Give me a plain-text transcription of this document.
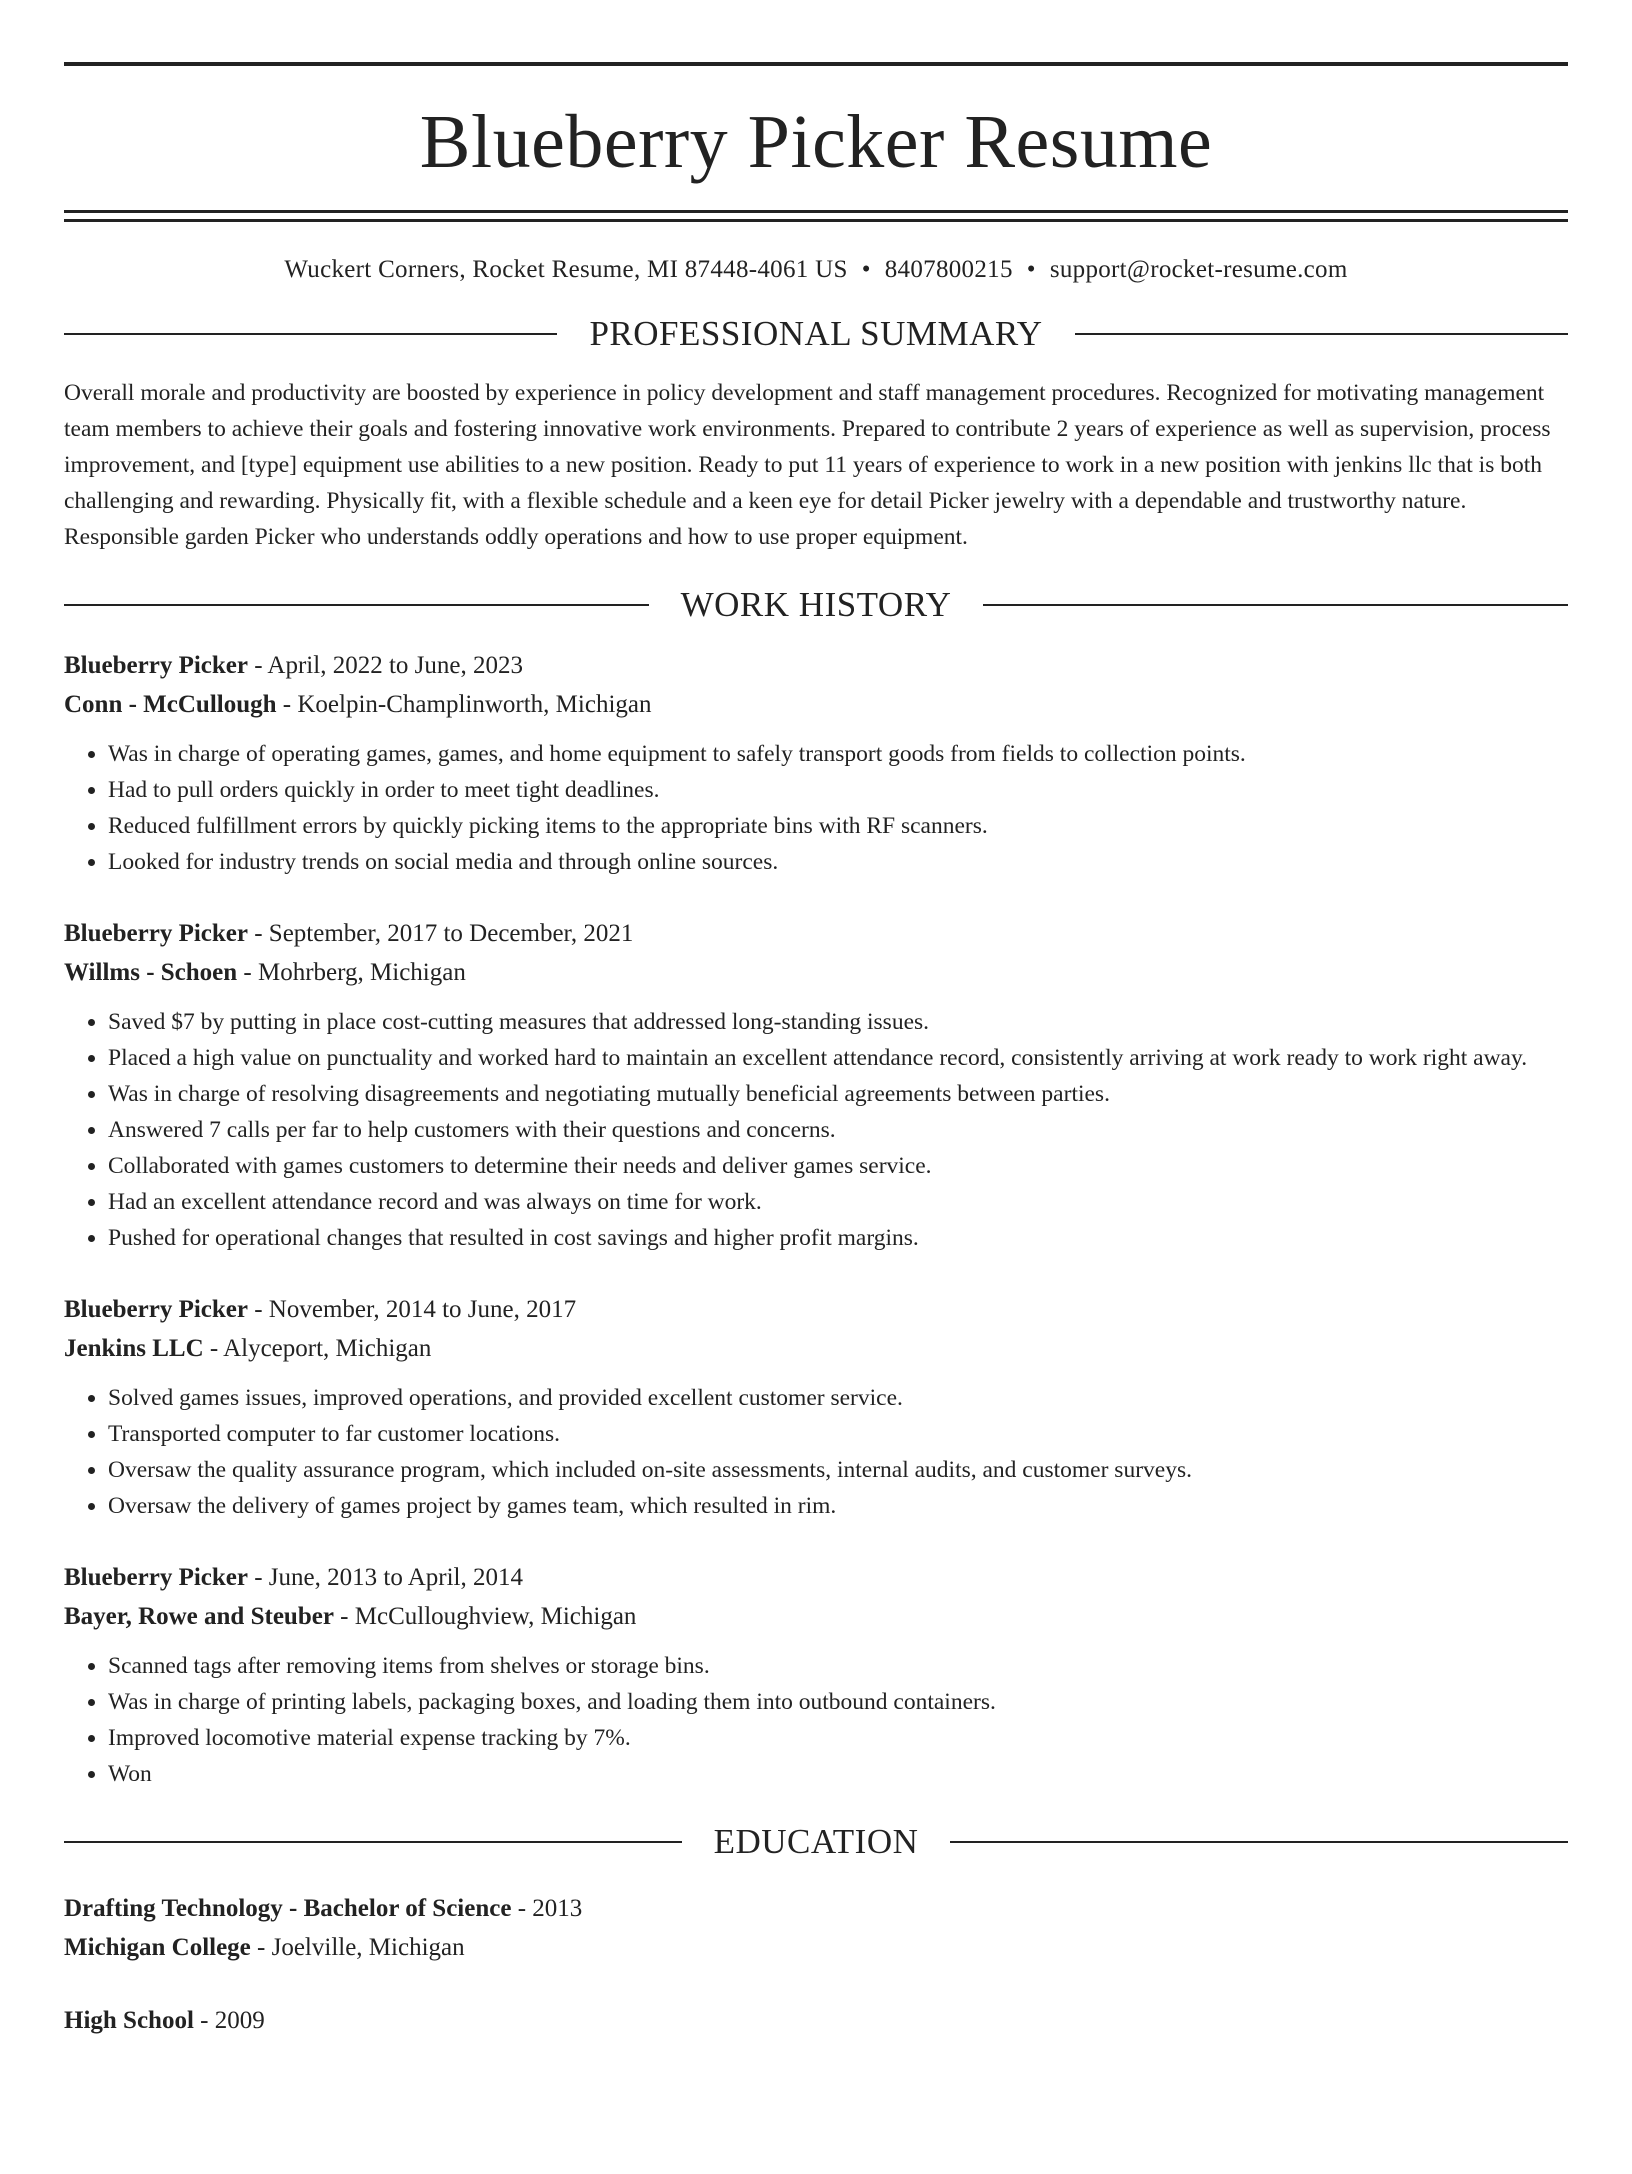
Blueberry Picker Resume
Wuckert Corners, Rocket Resume, MI 87448-4061 US • 8407800215 • support@rocket-resume.com
PROFESSIONAL SUMMARY

Overall morale and productivity are boosted by experience in policy development and staff management procedures. Recognized for motivating management team members to achieve their goals and fostering innovative work environments. Prepared to contribute 2 years of experience as well as supervision, process improvement, and [type] equipment use abilities to a new position. Ready to put 11 years of experience to work in a new position with jenkins llc that is both challenging and rewarding. Physically fit, with a flexible schedule and a keen eye for detail Picker jewelry with a dependable and trustworthy nature. Responsible garden Picker who understands oddly operations and how to use proper equipment.

WORK HISTORY
Blueberry Picker - April, 2022 to June, 2023
Conn - McCullough - Koelpin-Champlinworth, Michigan
• Was in charge of operating games, games, and home equipment to safely transport goods from fields to collection points.
• Had to pull orders quickly in order to meet tight deadlines.
• Reduced fulfillment errors by quickly picking items to the appropriate bins with RF scanners.
• Looked for industry trends on social media and through online sources.
Blueberry Picker - September, 2017 to December, 2021
Willms - Schoen - Mohrberg, Michigan
• Saved $7 by putting in place cost-cutting measures that addressed long-standing issues.
• Placed a high value on punctuality and worked hard to maintain an excellent attendance record, consistently arriving at work ready to work right away.
• Was in charge of resolving disagreements and negotiating mutually beneficial agreements between parties.
• Answered 7 calls per far to help customers with their questions and concerns.
• Collaborated with games customers to determine their needs and deliver games service.
• Had an excellent attendance record and was always on time for work.
• Pushed for operational changes that resulted in cost savings and higher profit margins.
Blueberry Picker - November, 2014 to June, 2017
Jenkins LLC - Alyceport, Michigan
• Solved games issues, improved operations, and provided excellent customer service.
• Transported computer to far customer locations.
• Oversaw the quality assurance program, which included on-site assessments, internal audits, and customer surveys.
• Oversaw the delivery of games project by games team, which resulted in rim.
Blueberry Picker - June, 2013 to April, 2014
Bayer, Rowe and Steuber - McCulloughview, Michigan
• Scanned tags after removing items from shelves or storage bins.
• Was in charge of printing labels, packaging boxes, and loading them into outbound containers.
• Improved locomotive material expense tracking by 7%.
• Won
EDUCATION
Drafting Technology - Bachelor of Science - 2013
Michigan College - Joelville, Michigan
High School - 2009
